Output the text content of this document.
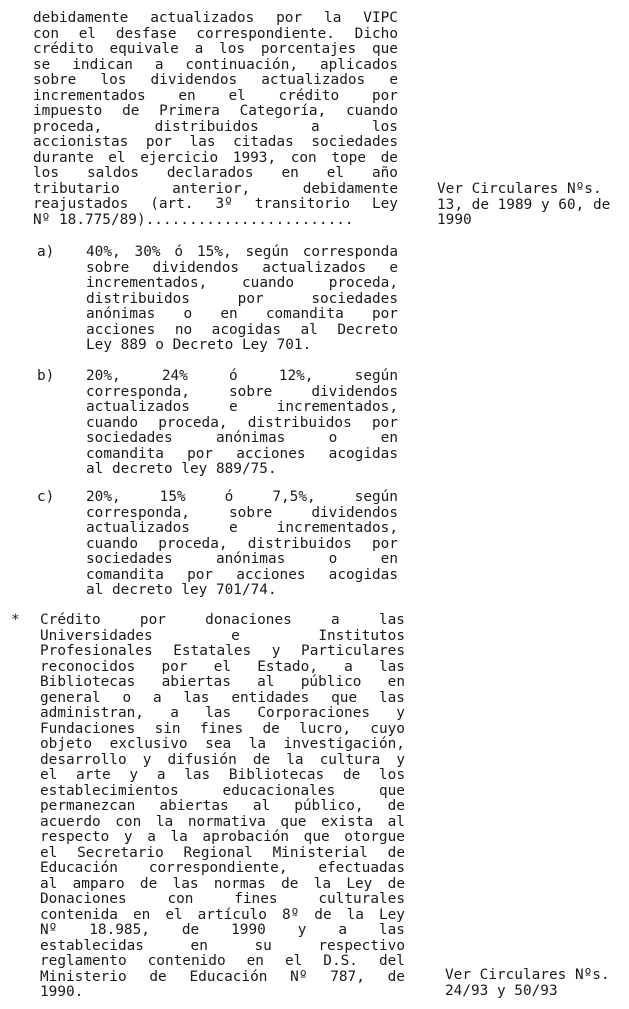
debidamente actualizados por la VIPC
con el desfase correspondiente. Dicho
crédito equivale a los porcentajes que
se indican a continuación, aplicados
sobre los dividendos actualizados e
incrementados en el crédito por
impuesto de Primera Categoría, cuando
proceda,	distribuidos	a	los
accionistas por las citadas sociedades
durante el ejercicio 1993, con tope de
los saldos declarados en el año
tributario	anterior,	debidamente
reajustados (art. 3º transitorio Ley
Nº 18.775/89)........................
Ver Circulares Nºs.
13, de 1989 y 60, de
1990
a) 40%, 30% ó 15%, según corresponda
sobre dividendos actualizados e
incrementados, cuando proceda,
distribuidos	por	sociedades
anónimas o en comandita por
acciones no acogidas al Decreto
Ley 889 o Decreto Ley 701.
b) 20%,	24%	ó	12%,	según
corresponda,	sobre	dividendos
actualizados	e	incrementados,
cuando proceda, distribuidos por
sociedades	anónimas	o	en
comandita por acciones acogidas
al decreto ley 889/75.
c) 20%,	15%	ó	7,5%,	según
corresponda,	sobre	dividendos
actualizados	e	incrementados,
cuando proceda, distribuidos por
sociedades	anónimas	o	en
comandita por acciones acogidas
al decreto ley 701/74.
* Crédito	por	donaciones	a	las
Universidades	e	Institutos
Profesionales Estatales y Particulares
reconocidos por el Estado, a las
Bibliotecas abiertas al público en
general o a las entidades que las
administran, a las Corporaciones y
Fundaciones sin fines de lucro, cuyo
objeto exclusivo sea la investigación,
desarrollo y difusión de la cultura y
el arte y a las Bibliotecas de los
establecimientos	educacionales	que
permanezcan abiertas al público, de
acuerdo con la normativa que exista al
respecto y a la aprobación que otorgue
el Secretario Regional Ministerial de
Educación correspondiente, efectuadas
al amparo de las normas de la Ley de
Donaciones	con	fines	culturales
contenida en el artículo 8º de la Ley
Nº 18.985, de 1990 y a las
establecidas	en	su	respectivo
reglamento contenido en el D.S. del
Ministerio de Educación Nº 787, de
1990.
Ver Circulares Nºs.
24/93 y 50/93
